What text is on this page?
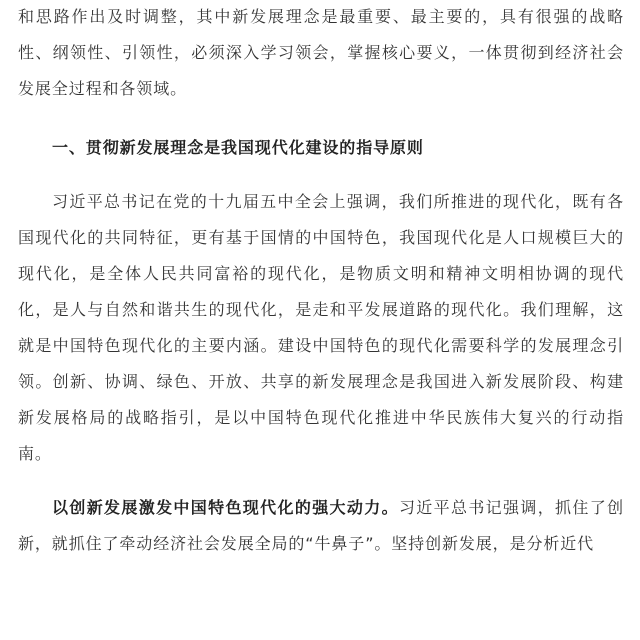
和思路作出及时调整，其中新发展理念是最重要、最主要的，具有很强的战略性、纲领性、引领性，必须深入学习领会，掌握核心要义，一体贯彻到经济社会发展全过程和各领域。

一、贯彻新发展理念是我国现代化建设的指导原则

习近平总书记在党的十九届五中全会上强调，我们所推进的现代化，既有各国现代化的共同特征，更有基于国情的中国特色，我国现代化是人口规模巨大的现代化，是全体人民共同富裕的现代化，是物质文明和精神文明相协调的现代化，是人与自然和谐共生的现代化，是走和平发展道路的现代化。我们理解，这就是中国特色现代化的主要内涵。建设中国特色的现代化需要科学的发展理念引领。创新、协调、绿色、开放、共享的新发展理念是我国进入新发展阶段、构建新发展格局的战略指引，是以中国特色现代化推进中华民族伟大复兴的行动指南。

以创新发展激发中国特色现代化的强大动力。习近平总书记强调，抓住了创新，就抓住了牵动经济社会发展全局的“牛鼻子”。坚持创新发展，是分析近代
